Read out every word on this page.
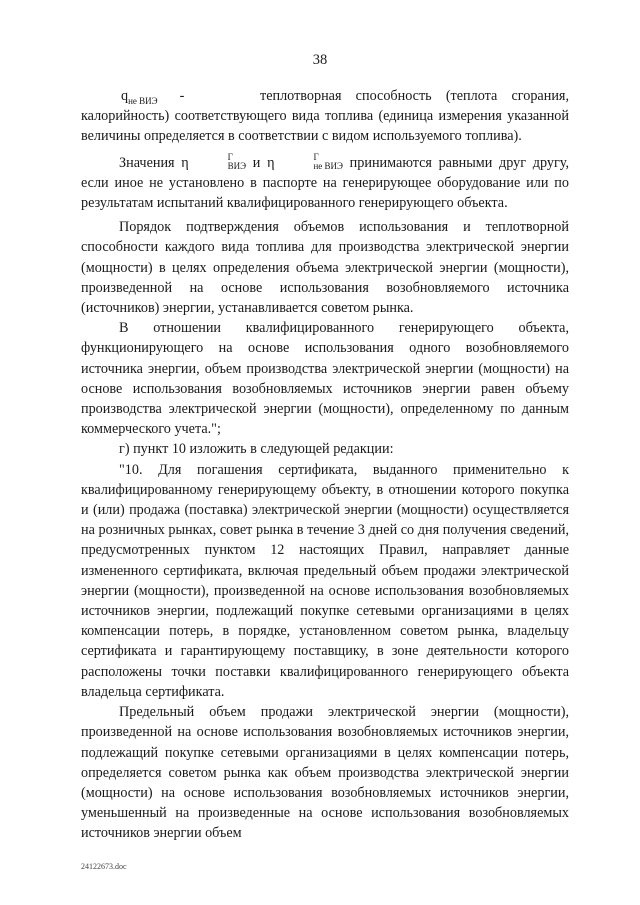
38
$q_{не ВИЭ}$ -	теплотворная    способность    (теплота    сгорания,

калорийность) соответствующего вида топлива (единица измерения указанной величины определяется в соответствии с видом используемого топлива).

Значения η	Г
ВИЭ и η	Г
не ВИЭ принимаются равными друг другу, если иное не установлено в паспорте на генерирующее оборудование или по результатам испытаний квалифицированного генерирующего объекта.

Порядок подтверждения объемов использования и теплотворной способности каждого вида топлива для производства электрической энергии (мощности) в целях определения объема электрической энергии (мощности), произведенной на основе использования возобновляемого источника (источников) энергии, устанавливается советом рынка.

В отношении квалифицированного генерирующего объекта, функционирующего на основе использования одного возобновляемого источника энергии, объем производства электрической энергии (мощности) на основе использования возобновляемых источников энергии равен объему производства электрической энергии (мощности), определенному по данным коммерческого учета.";

г) пункт 10 изложить в следующей редакции:

"10. Для погашения сертификата, выданного применительно к квалифицированному генерирующему объекту, в отношении которого покупка и (или) продажа (поставка) электрической энергии (мощности) осуществляется на розничных рынках, совет рынка в течение 3 дней со дня получения сведений, предусмотренных пунктом 12 настоящих Правил, направляет данные измененного сертификата, включая предельный объем продажи электрической энергии (мощности), произведенной на основе использования возобновляемых источников энергии, подлежащий покупке сетевыми организациями в целях компенсации потерь, в порядке, установленном советом рынка, владельцу сертификата и гарантирующему поставщику, в зоне деятельности которого расположены точки поставки квалифицированного генерирующего объекта владельца сертификата.

Предельный объем продажи электрической энергии (мощности), произведенной на основе использования возобновляемых источников энергии, подлежащий покупке сетевыми организациями в целях компенсации потерь, определяется советом рынка как объем производства электрической энергии (мощности) на основе использования возобновляемых источников энергии, уменьшенный на произведенные на основе использования возобновляемых источников энергии объем

24122673.doc
